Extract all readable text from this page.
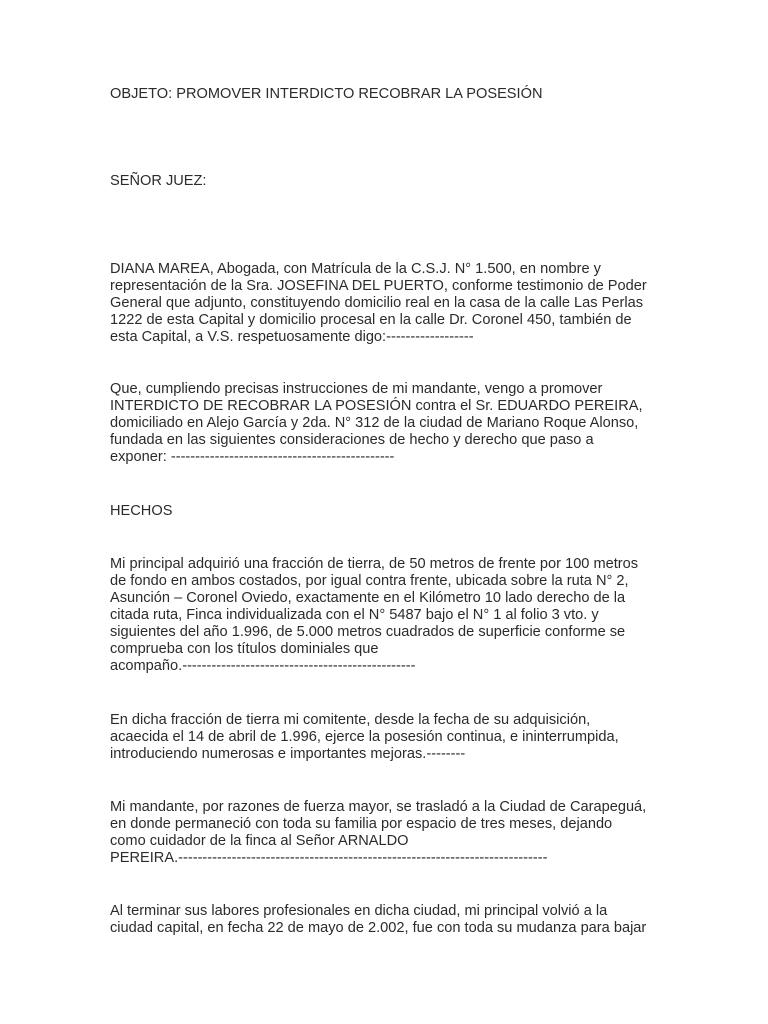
OBJETO: PROMOVER INTERDICTO RECOBRAR LA POSESIÓN
SEÑOR JUEZ:
DIANA MAREA, Abogada, con Matrícula de la C.S.J. N° 1.500, en nombre y
representación de la Sra. JOSEFINA DEL PUERTO, conforme testimonio de Poder
General que adjunto, constituyendo domicilio real en la casa de la calle Las Perlas
1222 de esta Capital y domicilio procesal en la calle Dr. Coronel 450, también de
esta Capital, a V.S. respetuosamente digo:------------------
Que, cumpliendo precisas instrucciones de mi mandante, vengo a promover
INTERDICTO DE RECOBRAR LA POSESIÓN contra el Sr. EDUARDO PEREIRA,
domiciliado en Alejo García y 2da. N° 312 de la ciudad de Mariano Roque Alonso,
fundada en las siguientes consideraciones de hecho y derecho que paso a
exponer: ----------------------------------------------
HECHOS
Mi principal adquirió una fracción de tierra, de 50 metros de frente por 100 metros
de fondo en ambos costados, por igual contra frente, ubicada sobre la ruta N° 2,
Asunción – Coronel Oviedo, exactamente en el Kilómetro 10 lado derecho de la
citada ruta, Finca individualizada con el N° 5487 bajo el N° 1 al folio 3 vto. y
siguientes del año 1.996, de 5.000 metros cuadrados de superficie conforme se
comprueba con los títulos dominiales que
acompaño.------------------------------------------------
En dicha fracción de tierra mi comitente, desde la fecha de su adquisición,
acaecida el 14 de abril de 1.996, ejerce la posesión continua, e ininterrumpida,
introduciendo numerosas e importantes mejoras.--------
Mi mandante, por razones de fuerza mayor, se trasladó a la Ciudad de Carapeguá,
en donde permaneció con toda su familia por espacio de tres meses, dejando
como cuidador de la finca al Señor ARNALDO
PEREIRA.----------------------------------------------------------------------------
Al terminar sus labores profesionales en dicha ciudad, mi principal volvió a la
ciudad capital, en fecha 22 de mayo de 2.002, fue con toda su mudanza para bajar
